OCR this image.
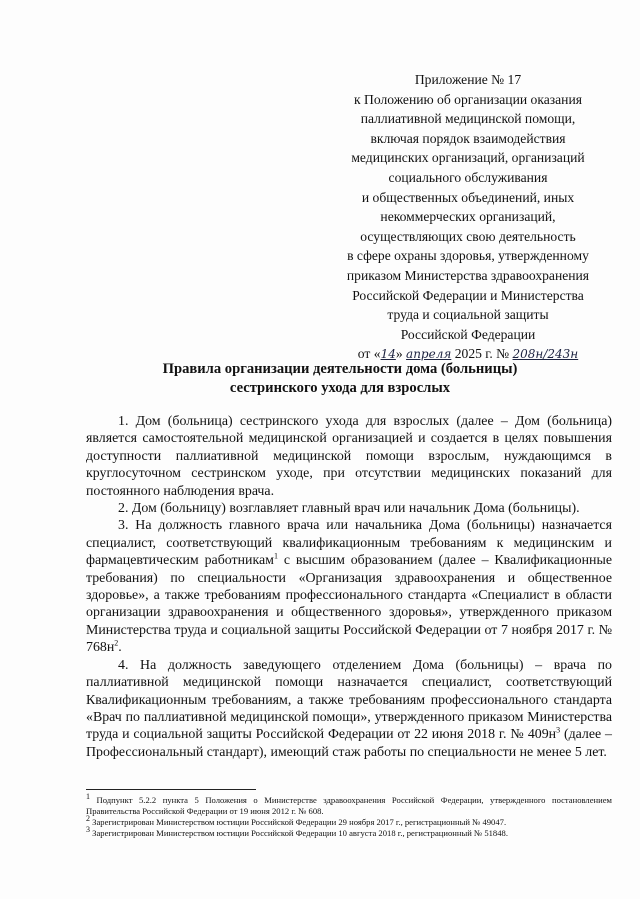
Приложение № 17
к Положению об организации оказания
паллиативной медицинской помощи,
включая порядок взаимодействия
медицинских организаций, организаций
социального обслуживания
и общественных объединений, иных
некоммерческих организаций,
осуществляющих свою деятельность
в сфере охраны здоровья, утвержденному
приказом Министерства здравоохранения
Российской Федерации и Министерства
труда и социальной защиты
Российской Федерации
от «14» апреля 2025 г. № 208н/243н
Правила организации деятельности дома (больницы)
сестринского ухода для взрослых

1. Дом (больница) сестринского ухода для взрослых (далее – Дом (больница) является самостоятельной медицинской организацией и создается в целях повышения доступности паллиативной медицинской помощи взрослым, нуждающимся в круглосуточном сестринском уходе, при отсутствии медицинских показаний для постоянного наблюдения врача.

2. Дом (больницу) возглавляет главный врач или начальник Дома (больницы).

3. На должность главного врача или начальника Дома (больницы) назначается специалист, соответствующий квалификационным требованиям к медицинским и фармацевтическим работникам$^1$ с высшим образованием (далее – Квалификационные требования) по специальности «Организация здравоохранения и общественное здоровье», а также требованиям профессионального стандарта «Специалист в области организации здравоохранения и общественного здоровья», утвержденного приказом Министерства труда и социальной защиты Российской Федерации от 7 ноября 2017 г. № $768н^2$.

4. На должность заведующего отделением Дома (больницы) – врача по паллиативной медицинской помощи назначается специалист, соответствующий Квалификационным требованиям, а также требованиям профессионального стандарта «Врач по паллиативной медицинской помощи», утвержденного приказом Министерства труда и социальной защиты Российской Федерации от 22 июня 2018 г. № $409н^3$ (далее – Профессиональный стандарт), имеющий стаж работы по специальности не менее 5 лет.

$^1$ Подпункт 5.2.2 пункта 5 Положения о Министерстве здравоохранения Российской Федерации, утвержденного постановлением Правительства Российской Федерации от 19 июня 2012 г. № 608.

$^2$ Зарегистрирован Министерством юстиции Российской Федерации 29 ноября 2017 г., регистрационный № 49047.

$^3$ Зарегистрирован Министерством юстиции Российской Федерации 10 августа 2018 г., регистрационный № 51848.
